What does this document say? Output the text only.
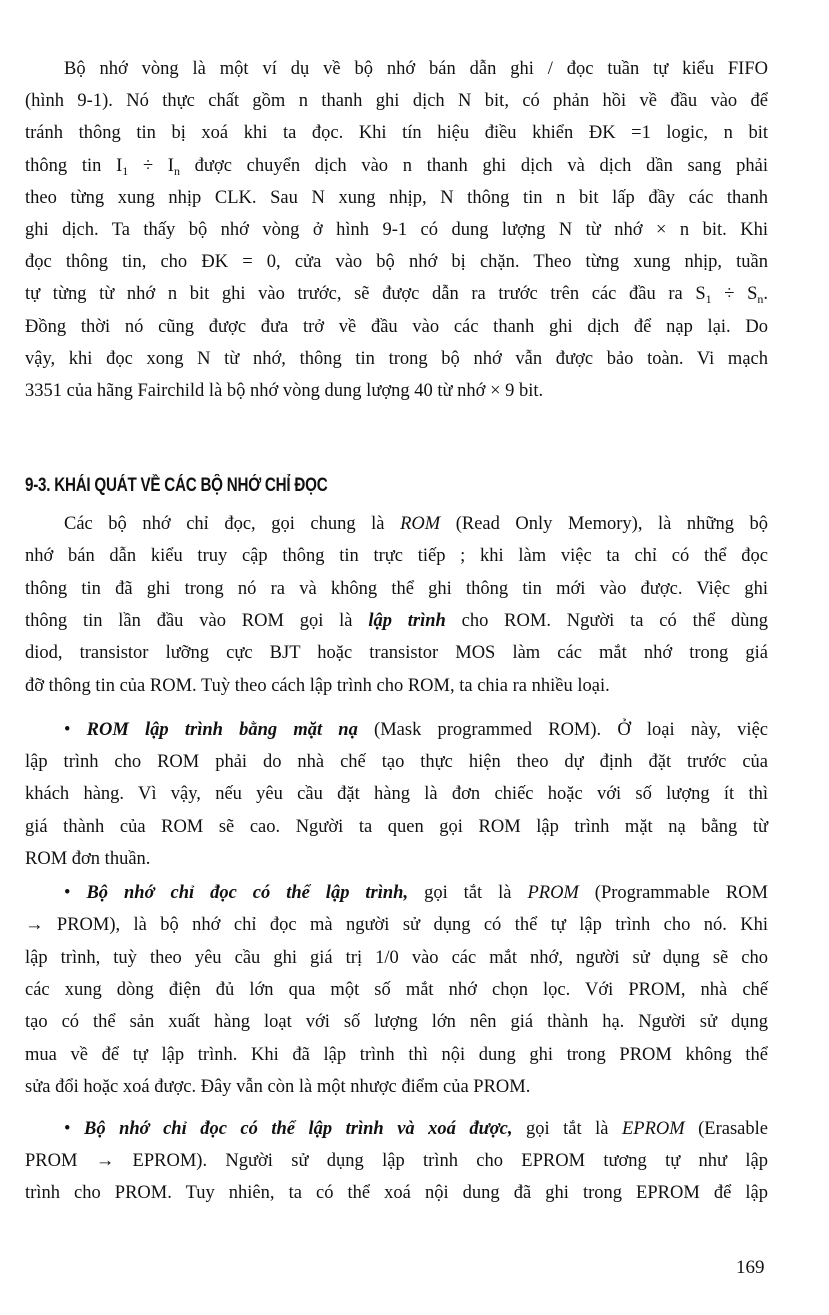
Bộ nhớ vòng là một ví dụ về bộ nhớ bán dẫn ghi / đọc tuần tự kiểu FIFO
(hình 9-1). Nó thực chất gồm n thanh ghi dịch N bit, có phản hồi về đầu vào để
tránh thông tin bị xoá khi ta đọc. Khi tín hiệu điều khiển ĐK =1 logic, n bit
thông tin $I_1 \div I_n$ được chuyển dịch vào n thanh ghi dịch và dịch dần sang phải
theo từng xung nhịp CLK. Sau N xung nhịp, N thông tin n bit lấp đầy các thanh
ghi dịch. Ta thấy bộ nhớ vòng ở hình 9-1 có dung lượng N từ nhớ × n bit. Khi
đọc thông tin, cho ĐK = 0, cửa vào bộ nhớ bị chặn. Theo từng xung nhịp, tuần
tự từng từ nhớ n bit ghi vào trước, sẽ được dẫn ra trước trên các đầu ra $S_1 \div S_n$.
Đồng thời nó cũng được đưa trở về đầu vào các thanh ghi dịch để nạp lại. Do
vậy, khi đọc xong N từ nhớ, thông tin trong bộ nhớ vẫn được bảo toàn. Vi mạch
3351 của hãng Fairchild là bộ nhớ vòng dung lượng 40 từ nhớ × 9 bit.
Các bộ nhớ chỉ đọc, gọi chung là ROM (Read Only Memory), là những bộ
nhớ bán dẫn kiểu truy cập thông tin trực tiếp ; khi làm việc ta chỉ có thể đọc
thông tin đã ghi trong nó ra và không thể ghi thông tin mới vào được. Việc ghi
thông tin lần đầu vào ROM gọi là lập trình cho ROM. Người ta có thể dùng
diod, transistor lưỡng cực BJT hoặc transistor MOS làm các mắt nhớ trong giá
đỡ thông tin của ROM. Tuỳ theo cách lập trình cho ROM, ta chia ra nhiều loại.
• ROM lập trình bằng mặt nạ (Mask programmed ROM). Ở loại này, việc
lập trình cho ROM phải do nhà chế tạo thực hiện theo dự định đặt trước của
khách hàng. Vì vậy, nếu yêu cầu đặt hàng là đơn chiếc hoặc với số lượng ít thì
giá thành của ROM sẽ cao. Người ta quen gọi ROM lập trình mặt nạ bằng từ
ROM đơn thuần.
• Bộ nhớ chỉ đọc có thể lập trình, gọi tắt là PROM (Programmable ROM
→ PROM), là bộ nhớ chỉ đọc mà người sử dụng có thể tự lập trình cho nó. Khi
lập trình, tuỳ theo yêu cầu ghi giá trị 1/0 vào các mắt nhớ, người sử dụng sẽ cho
các xung dòng điện đủ lớn qua một số mắt nhớ chọn lọc. Với PROM, nhà chế
tạo có thể sản xuất hàng loạt với số lượng lớn nên giá thành hạ. Người sử dụng
mua về để tự lập trình. Khi đã lập trình thì nội dung ghi trong PROM không thể
sửa đổi hoặc xoá được. Đây vẫn còn là một nhược điểm của PROM.
• Bộ nhớ chỉ đọc có thể lập trình và xoá được, gọi tắt là EPROM (Erasable
PROM → EPROM). Người sử dụng lập trình cho EPROM tương tự như lập
trình cho PROM. Tuy nhiên, ta có thể xoá nội dung đã ghi trong EPROM để lập
9-3. KHÁI QUÁT VỀ CÁC BỘ NHỚ CHỈ ĐỌC
169
